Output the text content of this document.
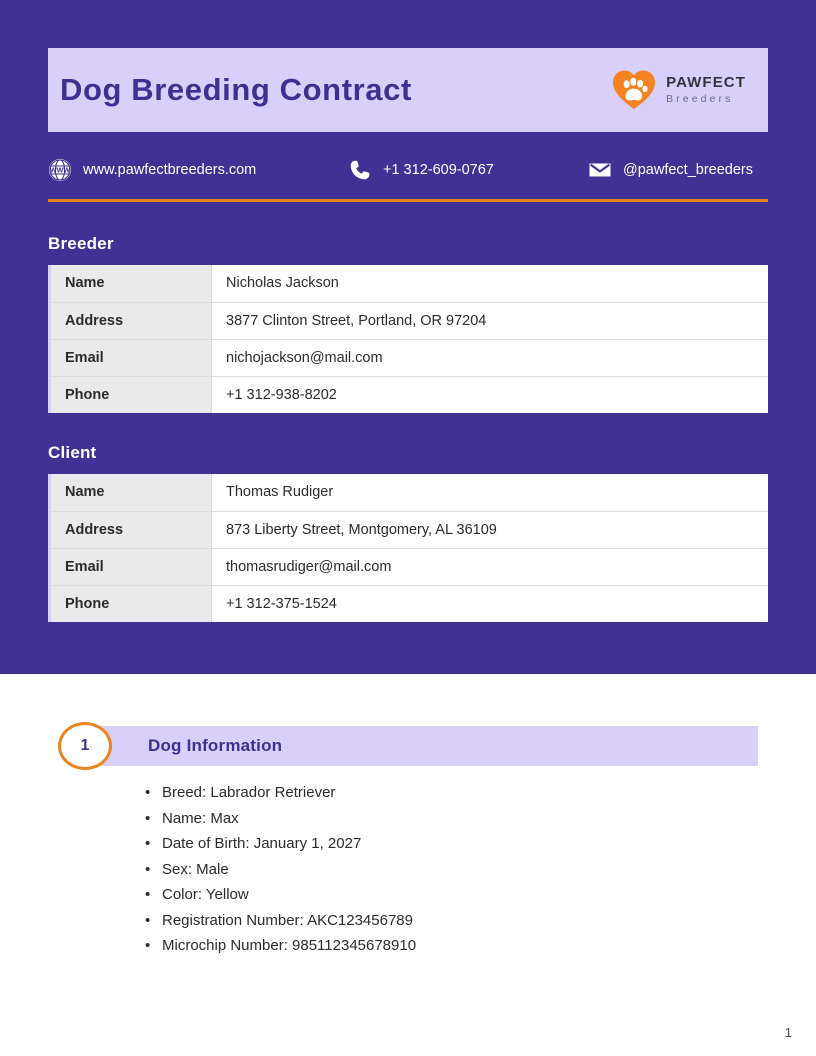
Dog Breeding Contract	PAWFECT
Breeders
WWW www.pawfectbreeders.com	+1 312-609-0767	@pawfect_breeders
Breeder
Name	Nicholas Jackson
Address	3877 Clinton Street, Portland, OR 97204
Email	nichojackson@mail.com
Phone	+1 312-938-8202
Client
Name	Thomas Rudiger
Address	873 Liberty Street, Montgomery, AL 36109
Email	thomasrudiger@mail.com
Phone	+1 312-375-1524
Dog Information
1
• Breed: Labrador Retriever
• Name: Max
• Date of Birth: January 1, 2027
• Sex: Male
• Color: Yellow
• Registration Number: AKC123456789
• Microchip Number: 985112345678910
1
